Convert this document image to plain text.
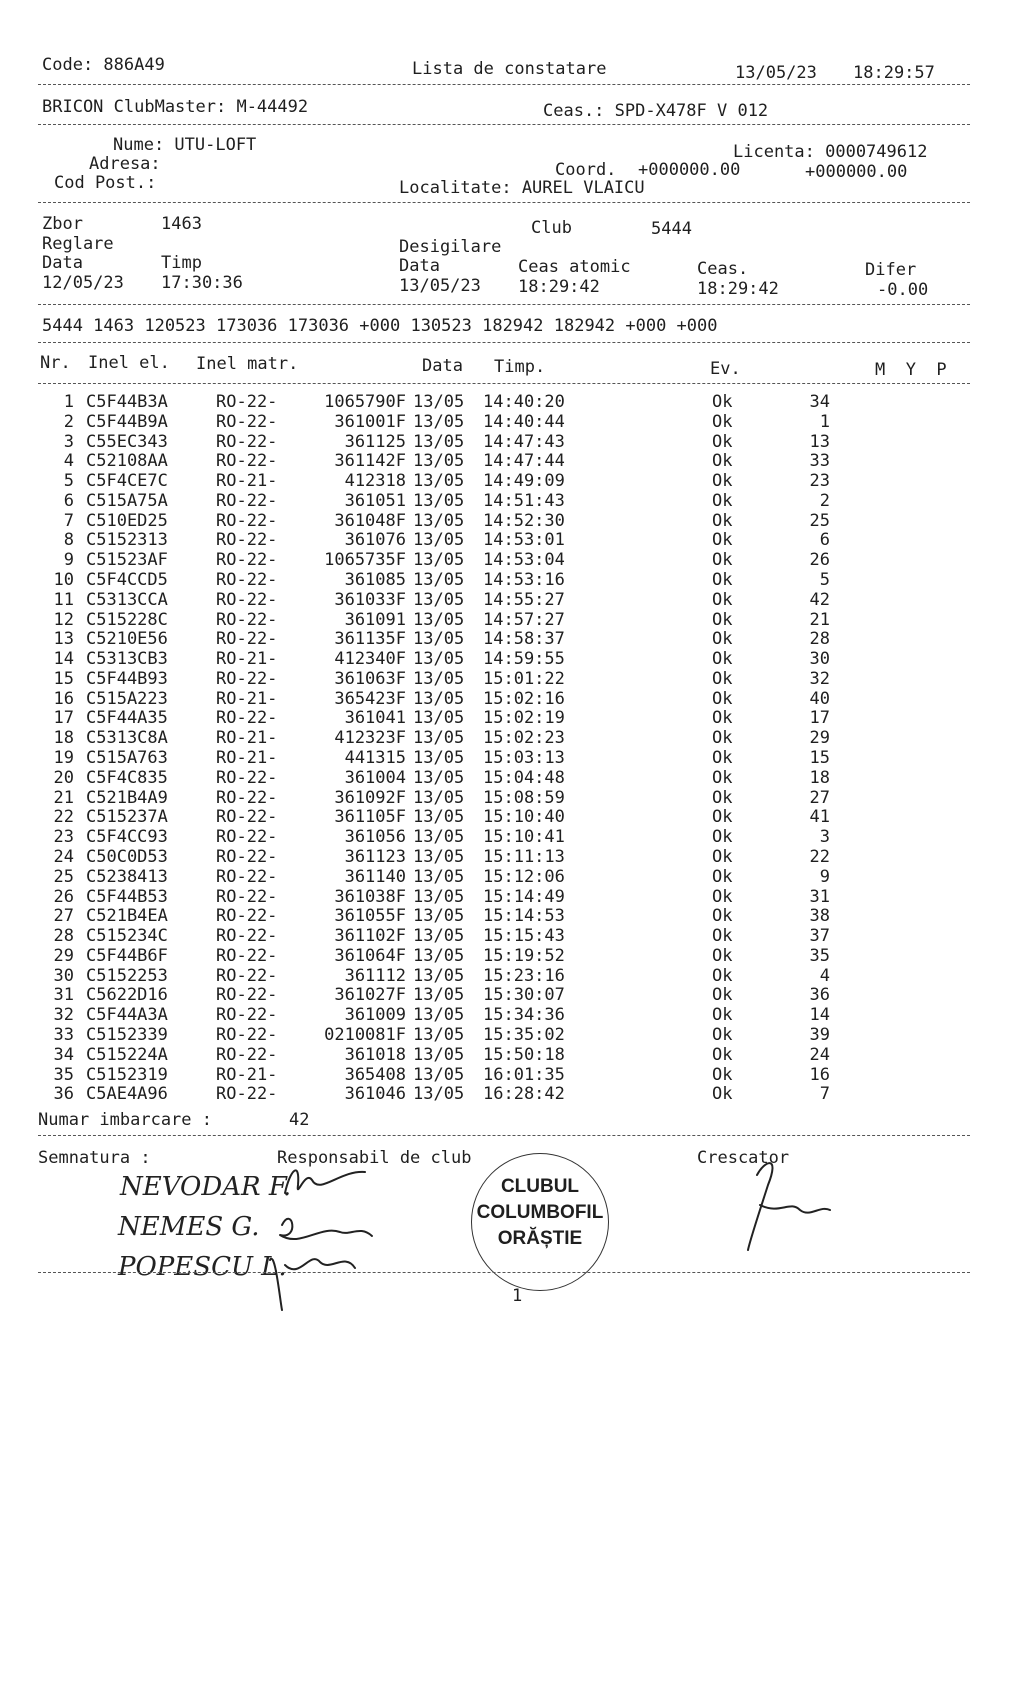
Code: 886A49	Lista de constatare	13/05/23 18:29:57
BRICON ClubMaster: M-44492	Ceas.: SPD-X478F V 012
Nume: UTU-LOFT
Adresa:
Cod Post.:
Licenta: 0000749612
Coord. +000000.00	+000000.00
Localitate: AUREL VLAICU
Zbor	1463	Club	5444
Reglare	Desigilare
Data	Timp	Data	Ceas atomic	Ceas.	Difer
12/05/23 17:30:36	13/05/23 18:29:42	18:29:42	-0.00
5444 1463 120523 173036 173036 +000 130523 182942 182942 +000 +000
Nr. Inel el. Inel matr.	Data Timp.	Ev.	M  Y  P
1 C5F44B3A	RO-22-	1065790F 13/05	14:40:20	Ok	34
2 C5F44B9A	RO-22-	361001F 13/05	14:40:44	Ok	1
3 C55EC343	RO-22-	361125 13/05	14:47:43	Ok	13
4 C52108AA	RO-22-	361142F 13/05	14:47:44	Ok	33
5 C5F4CE7C	RO-21-	412318 13/05	14:49:09	Ok	23
6 C515A75A	RO-22-	361051 13/05	14:51:43	Ok	2
7 C510ED25	RO-22-	361048F 13/05	14:52:30	Ok	25
8 C5152313	RO-22-	361076 13/05	14:53:01	Ok	6
9 C51523AF	RO-22-	1065735F 13/05	14:53:04	Ok	26
10 C5F4CCD5	RO-22-	361085 13/05	14:53:16	Ok	5
11 C5313CCA	RO-22-	361033F 13/05	14:55:27	Ok	42
12 C515228C	RO-22-	361091 13/05	14:57:27	Ok	21
13 C5210E56	RO-22-	361135F 13/05	14:58:37	Ok	28
14 C5313CB3	RO-21-	412340F 13/05	14:59:55	Ok	30
15 C5F44B93	RO-22-	361063F 13/05	15:01:22	Ok	32
16 C515A223	RO-21-	365423F 13/05	15:02:16	Ok	40
17 C5F44A35	RO-22-	361041 13/05	15:02:19	Ok	17
18 C5313C8A	RO-21-	412323F 13/05	15:02:23	Ok	29
19 C515A763	RO-21-	441315 13/05	15:03:13	Ok	15
20 C5F4C835	RO-22-	361004 13/05	15:04:48	Ok	18
21 C521B4A9	RO-22-	361092F 13/05	15:08:59	Ok	27
22 C515237A	RO-22-	361105F 13/05	15:10:40	Ok	41
23 C5F4CC93	RO-22-	361056 13/05	15:10:41	Ok	3
24 C50C0D53	RO-22-	361123 13/05	15:11:13	Ok	22
25 C5238413	RO-22-	361140 13/05	15:12:06	Ok	9
26 C5F44B53	RO-22-	361038F 13/05	15:14:49	Ok	31
27 C521B4EA	RO-22-	361055F 13/05	15:14:53	Ok	38
28 C515234C	RO-22-	361102F 13/05	15:15:43	Ok	37
29 C5F44B6F	RO-22-	361064F 13/05	15:19:52	Ok	35
30 C5152253	RO-22-	361112 13/05	15:23:16	Ok	4
31 C5622D16	RO-22-	361027F 13/05	15:30:07	Ok	36
32 C5F44A3A	RO-22-	361009 13/05	15:34:36	Ok	14
33 C5152339	RO-22-	0210081F 13/05	15:35:02	Ok	39
34 C515224A	RO-22-	361018 13/05	15:50:18	Ok	24
35 C5152319	RO-21-	365408 13/05	16:01:35	Ok	16
36 C5AE4A96	RO-22-	361046 13/05	16:28:42	Ok	7
Numar imbarcare :	42
Semnatura :	Responsabil de club	Crescator
NEVODAR F.
NEMES G.
POPESCU L.
CLUBUL
COLUMBOFIL
ORĂȘTIE
1
